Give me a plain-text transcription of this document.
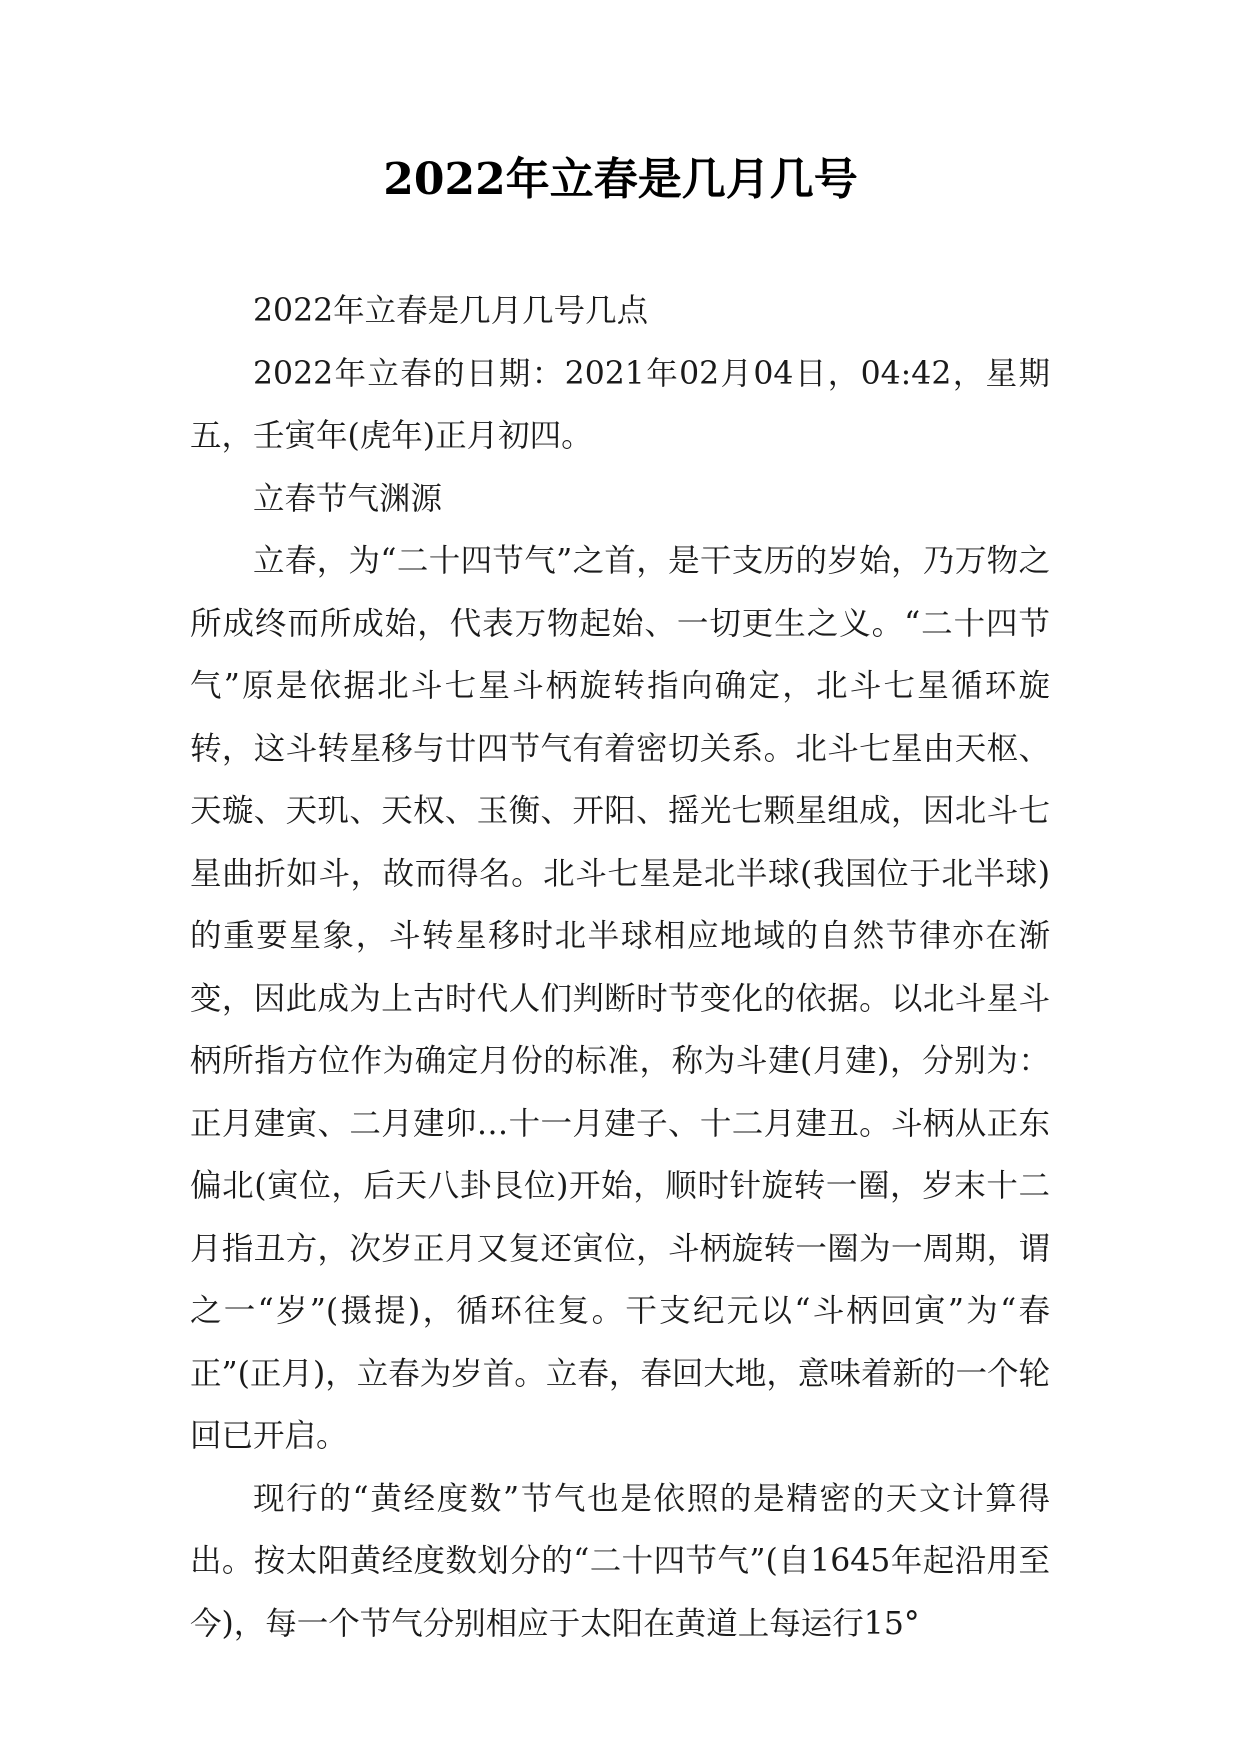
2022年立春是几月几号

2022年立春是几月几号几点

2022年立春的日期：2021年02月04日，04:42，星期五，壬寅年(虎年)正月初四。

立春节气渊源

立春，为“二十四节气”之首，是干支历的岁始，乃万物之所成终而所成始，代表万物起始、一切更生之义。“二十四节气”原是依据北斗七星斗柄旋转指向确定，北斗七星循环旋转，这斗转星移与廿四节气有着密切关系。北斗七星由天枢、天璇、天玑、天权、玉衡、开阳、摇光七颗星组成，因北斗七星曲折如斗，故而得名。北斗七星是北半球(我国位于北半球)的重要星象，斗转星移时北半球相应地域的自然节律亦在渐变，因此成为上古时代人们判断时节变化的依据。以北斗星斗柄所指方位作为确定月份的标准，称为斗建(月建)，分别为：正月建寅、二月建卯…十一月建子、十二月建丑。斗柄从正东偏北(寅位，后天八卦艮位)开始，顺时针旋转一圈，岁末十二月指丑方，次岁正月又复还寅位，斗柄旋转一圈为一周期，谓之一“岁”(摄提)，循环往复。干支纪元以“斗柄回寅”为“春正”(正月)，立春为岁首。立春，春回大地，意味着新的一个轮回已开启。

现行的“黄经度数”节气也是依照的是精密的天文计算得出。按太阳黄经度数划分的“二十四节气”(自1645年起沿用至今)，每一个节气分别相应于太阳在黄道上每运行15°
